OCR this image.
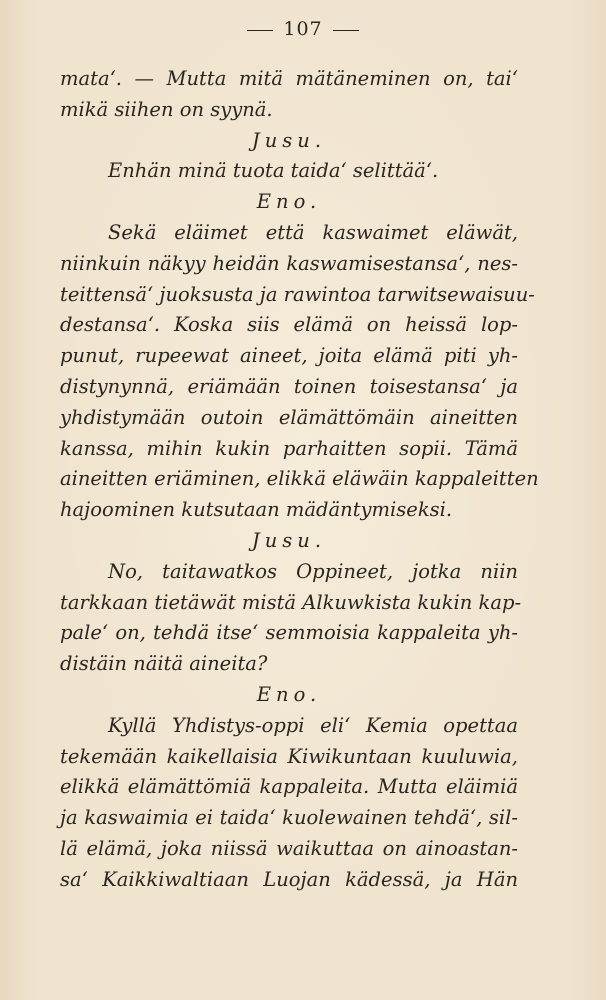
107
mata‘. — Mutta mitä mätäneminen on, tai‘
mikä siihen on syynä.
Jusu.
Enhän minä tuota taida‘ selittää‘.
Eno.
Sekä eläimet että kaswaimet eläwät,
niinkuin näkyy heidän kaswamisestansa‘, nes-
teittensä‘ juoksusta ja rawintoa tarwitsewaisuu-
destansa‘. Koska siis elämä on heissä lop-
punut, rupeewat aineet, joita elämä piti yh-
distynynnä, eriämään toinen toisestansa‘ ja
yhdistymään outoin elämättömäin aineitten
kanssa, mihin kukin parhaitten sopii. Tämä
aineitten eriäminen, elikkä eläwäin kappaleitten
hajoominen kutsutaan mädäntymiseksi.
Jusu.
No, taitawatkos Oppineet, jotka niin
tarkkaan tietäwät mistä Alkuwkista kukin kap-
pale‘ on, tehdä itse‘ semmoisia kappaleita yh-
distäin näitä aineita?
Eno.
Kyllä Yhdistys-oppi eli‘ Kemia opettaa
tekemään kaikellaisia Kiwikuntaan kuuluwia,
elikkä elämättömiä kappaleita. Mutta eläimiä
ja kaswaimia ei taida‘ kuolewainen tehdä‘, sil-
lä elämä, joka niissä waikuttaa on ainoastan-
sa‘ Kaikkiwaltiaan Luojan kädessä, ja Hän
